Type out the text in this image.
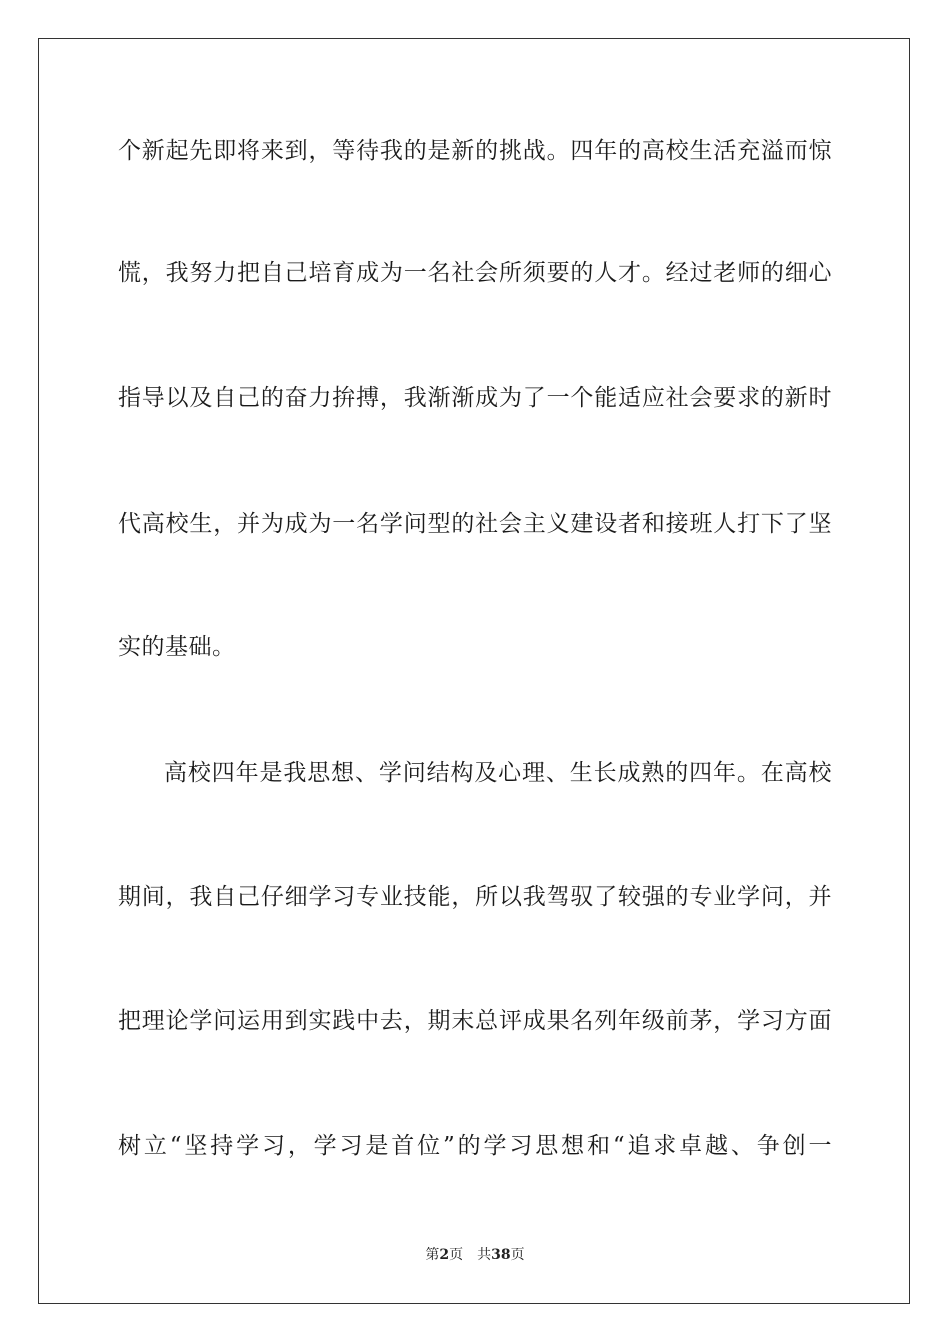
个新起先即将来到，等待我的是新的挑战。四年的高校生活充溢而惊
慌，我努力把自己培育成为一名社会所须要的人才。经过老师的细心
指导以及自己的奋力拚搏，我渐渐成为了一个能适应社会要求的新时
代高校生，并为成为一名学问型的社会主义建设者和接班人打下了坚
实的基础。
高校四年是我思想、学问结构及心理、生长成熟的四年。在高校
期间，我自己仔细学习专业技能，所以我驾驭了较强的专业学问，并
把理论学问运用到实践中去，期末总评成果名列年级前茅，学习方面
树立“坚持学习，学习是首位”的学习思想和“追求卓越、争创一
第2页 共38页
